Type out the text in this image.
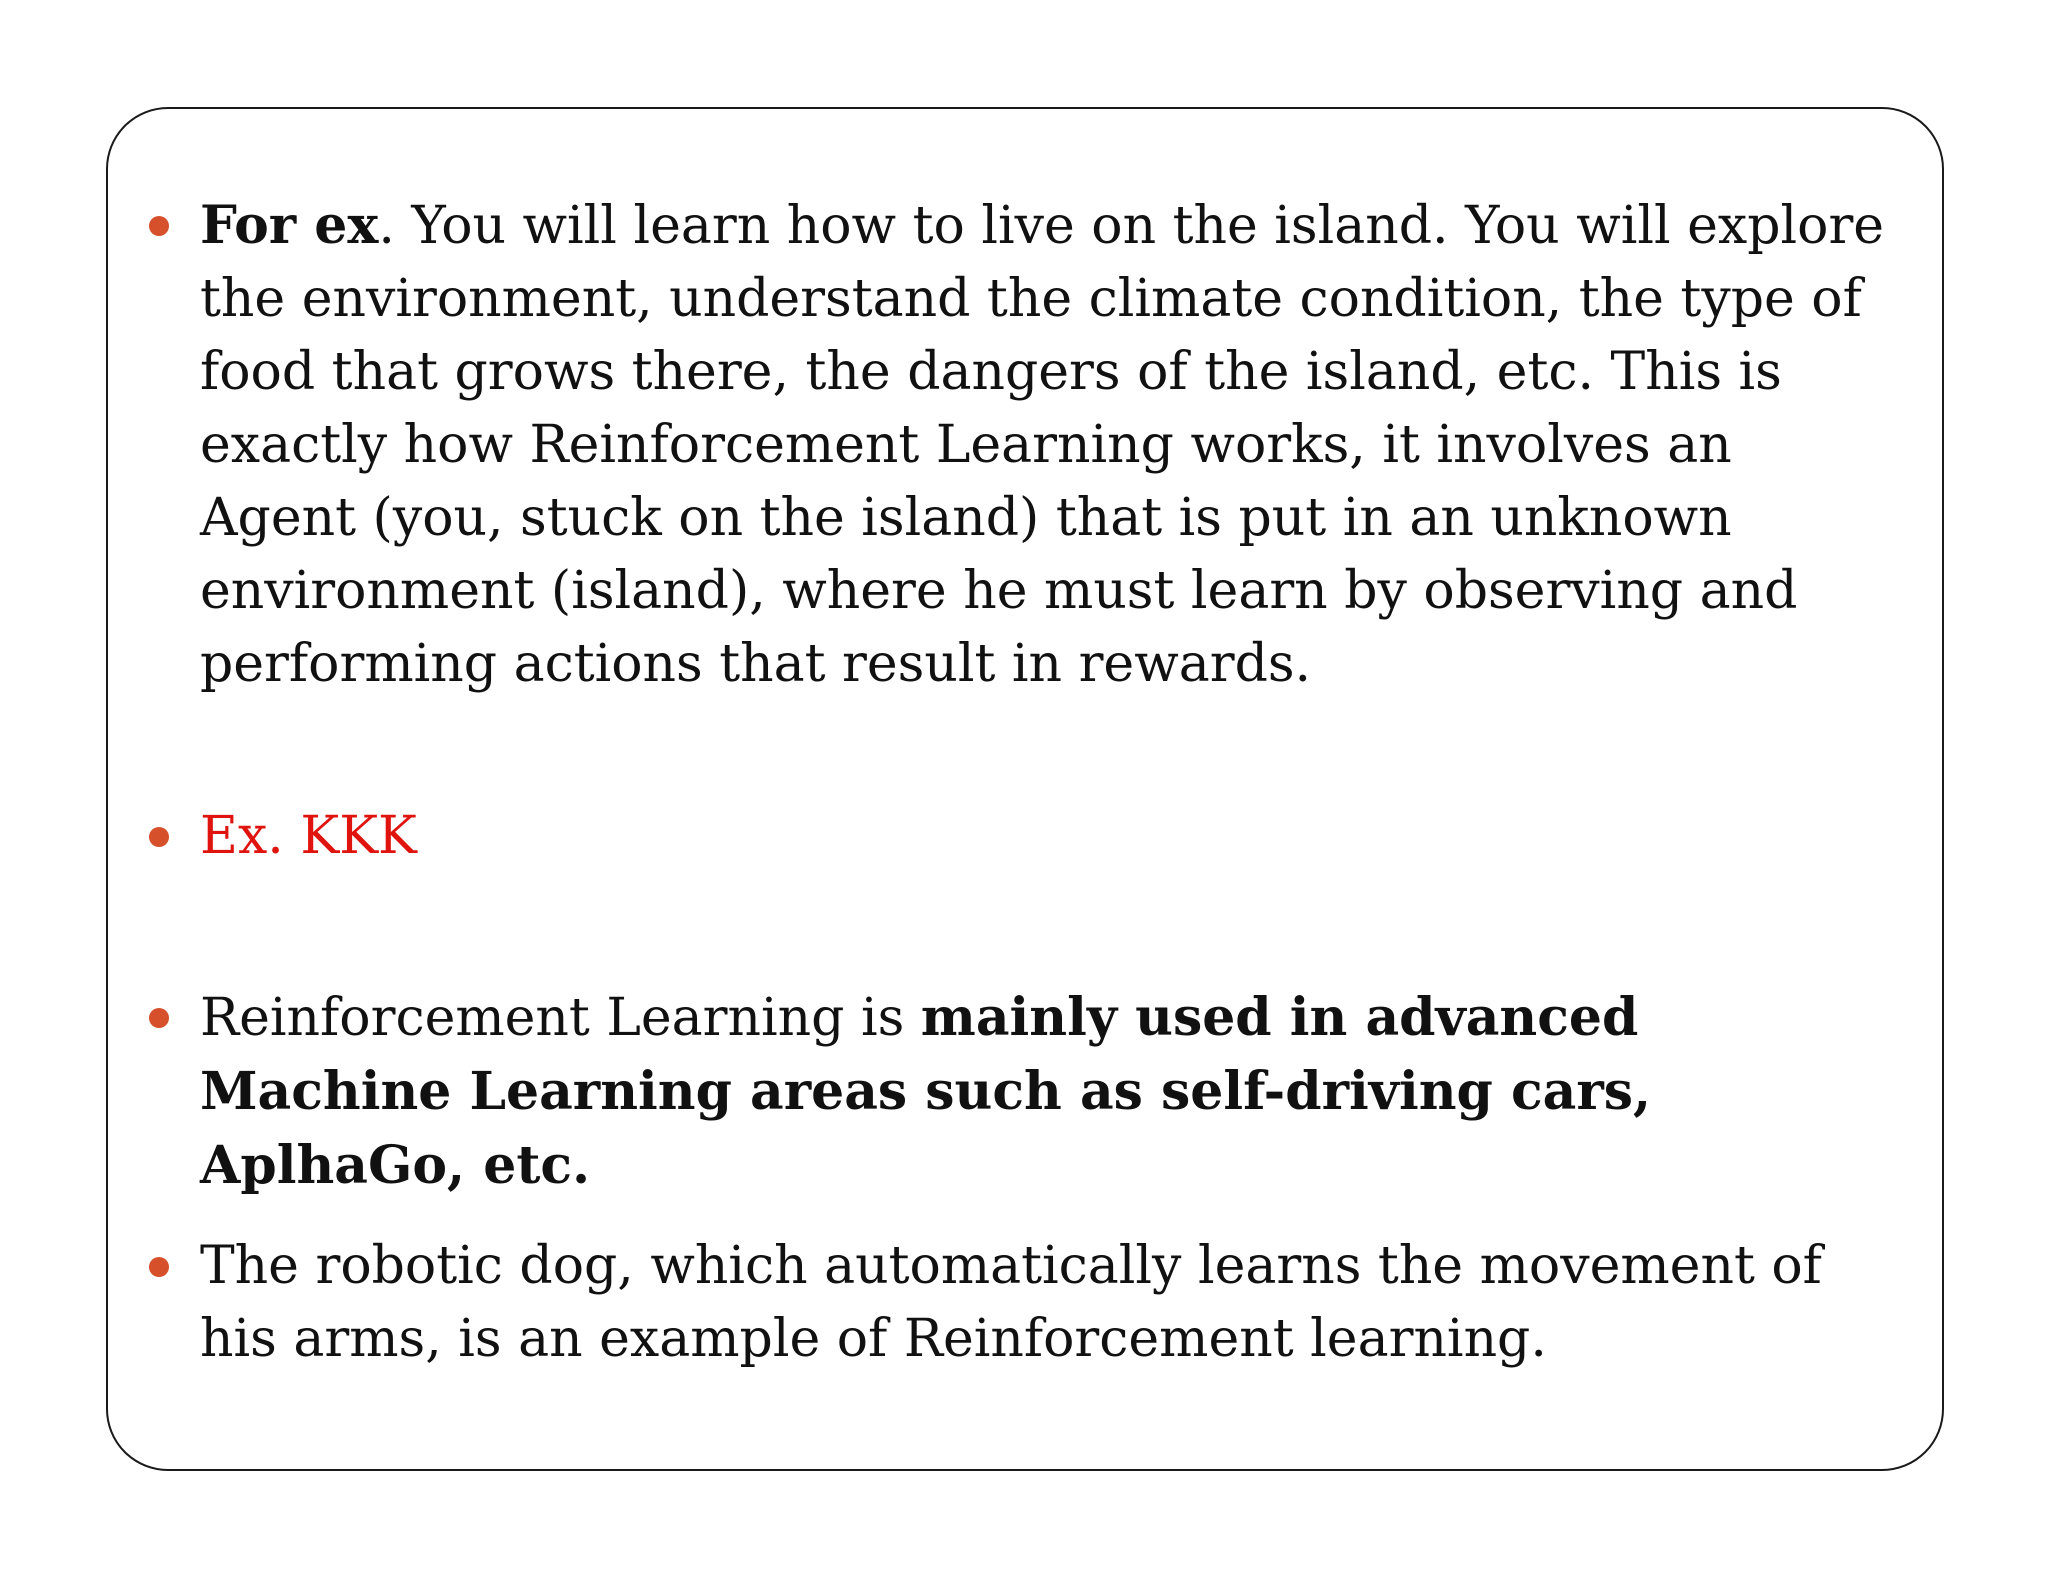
For ex. You will learn how to live on the island. You will explore the environment, understand the climate condition, the type of food that grows there, the dangers of the island, etc. This is exactly how Reinforcement Learning works, it involves an Agent (you, stuck on the island) that is put in an unknown environment (island), where he must learn by observing and performing actions that result in rewards.
Ex. KKK
Reinforcement Learning is mainly used in advanced Machine Learning areas such as self-driving cars, AplhaGo, etc.
The robotic dog, which automatically learns the movement of his arms, is an example of Reinforcement learning.
